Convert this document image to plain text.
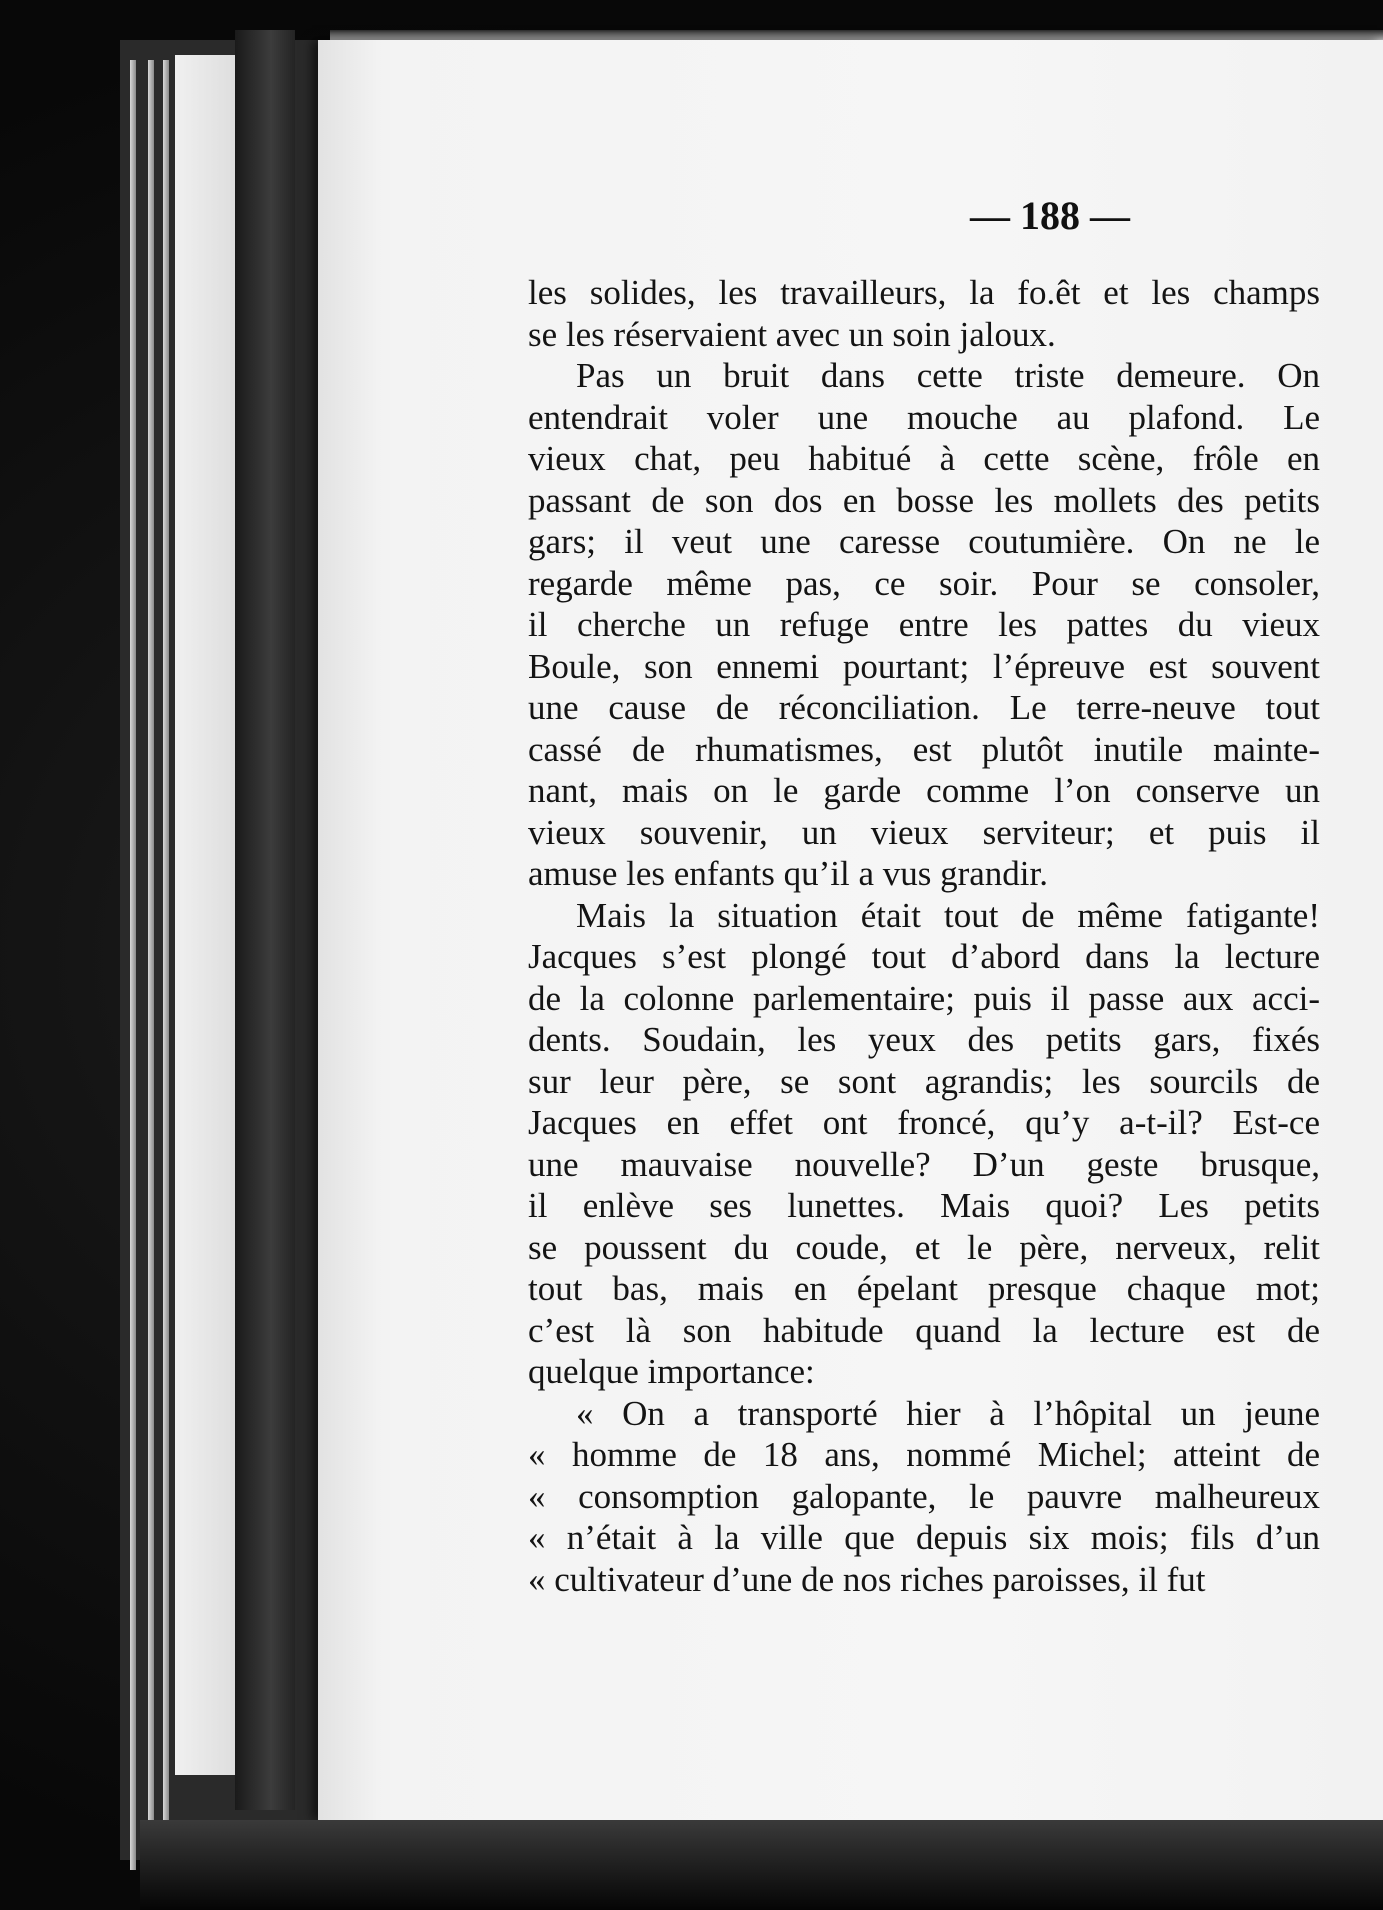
— 188 —

les solides, les travailleurs, la fo.êt et les champs
se les réservaient avec un soin jaloux.

Pas un bruit dans cette triste demeure. On
entendrait voler une mouche au plafond. Le
vieux chat, peu habitué à cette scène, frôle en
passant de son dos en bosse les mollets des petits
gars; il veut une caresse coutumière. On ne le
regarde même pas, ce soir. Pour se consoler,
il cherche un refuge entre les pattes du vieux
Boule, son ennemi pourtant; l’épreuve est souvent
une cause de réconciliation. Le terre-neuve tout
cassé de rhumatismes, est plutôt inutile mainte-
nant, mais on le garde comme l’on conserve un
vieux souvenir, un vieux serviteur; et puis il
amuse les enfants qu’il a vus grandir.

Mais la situation était tout de même fatigante!
Jacques s’est plongé tout d’abord dans la lecture
de la colonne parlementaire; puis il passe aux acci-
dents. Soudain, les yeux des petits gars, fixés
sur leur père, se sont agrandis; les sourcils de
Jacques en effet ont froncé, qu’y a-t-il? Est-ce
une mauvaise nouvelle? D’un geste brusque,
il enlève ses lunettes. Mais quoi? Les petits
se poussent du coude, et le père, nerveux, relit
tout bas, mais en épelant presque chaque mot;
c’est là son habitude quand la lecture est de
quelque importance:

« On a transporté hier à l’hôpital un jeune
« homme de 18 ans, nommé Michel; atteint de
« consomption galopante, le pauvre malheureux
« n’était à la ville que depuis six mois; fils d’un
« cultivateur d’une de nos riches paroisses, il fut
